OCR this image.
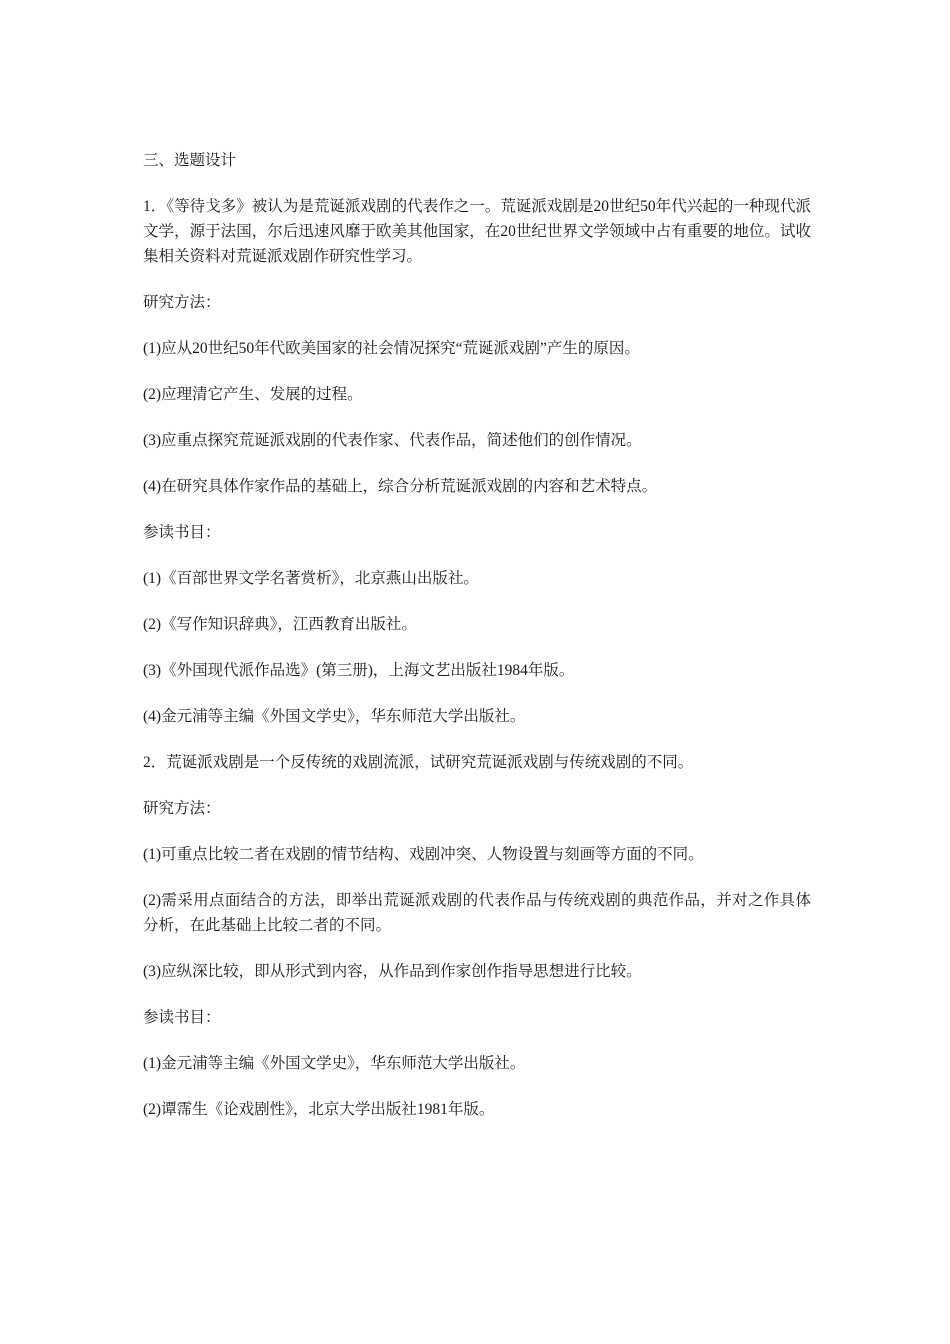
三、选题设计

1．《等待戈多》被认为是荒诞派戏剧的代表作之一。荒诞派戏剧是20世纪50年代兴起的一种现代派文学，源于法国，尔后迅速风靡于欧美其他国家，在20世纪世界文学领域中占有重要的地位。试收集相关资料对荒诞派戏剧作研究性学习。

研究方法：

(1)应从20世纪50年代欧美国家的社会情况探究“荒诞派戏剧”产生的原因。

(2)应理清它产生、发展的过程。

(3)应重点探究荒诞派戏剧的代表作家、代表作品，简述他们的创作情况。

(4)在研究具体作家作品的基础上，综合分析荒诞派戏剧的内容和艺术特点。

参读书目：

(1)《百部世界文学名著赏析》，北京燕山出版社。

(2)《写作知识辞典》，江西教育出版社。

(3)《外国现代派作品选》(第三册)，上海文艺出版社1984年版。

(4)金元浦等主编《外国文学史》，华东师范大学出版社。

2．荒诞派戏剧是一个反传统的戏剧流派，试研究荒诞派戏剧与传统戏剧的不同。

研究方法：

(1)可重点比较二者在戏剧的情节结构、戏剧冲突、人物设置与刻画等方面的不同。

(2)需采用点面结合的方法，即举出荒诞派戏剧的代表作品与传统戏剧的典范作品，并对之作具体分析，在此基础上比较二者的不同。

(3)应纵深比较，即从形式到内容，从作品到作家创作指导思想进行比较。

参读书目：

(1)金元浦等主编《外国文学史》，华东师范大学出版社。

(2)谭霈生《论戏剧性》，北京大学出版社1981年版。
